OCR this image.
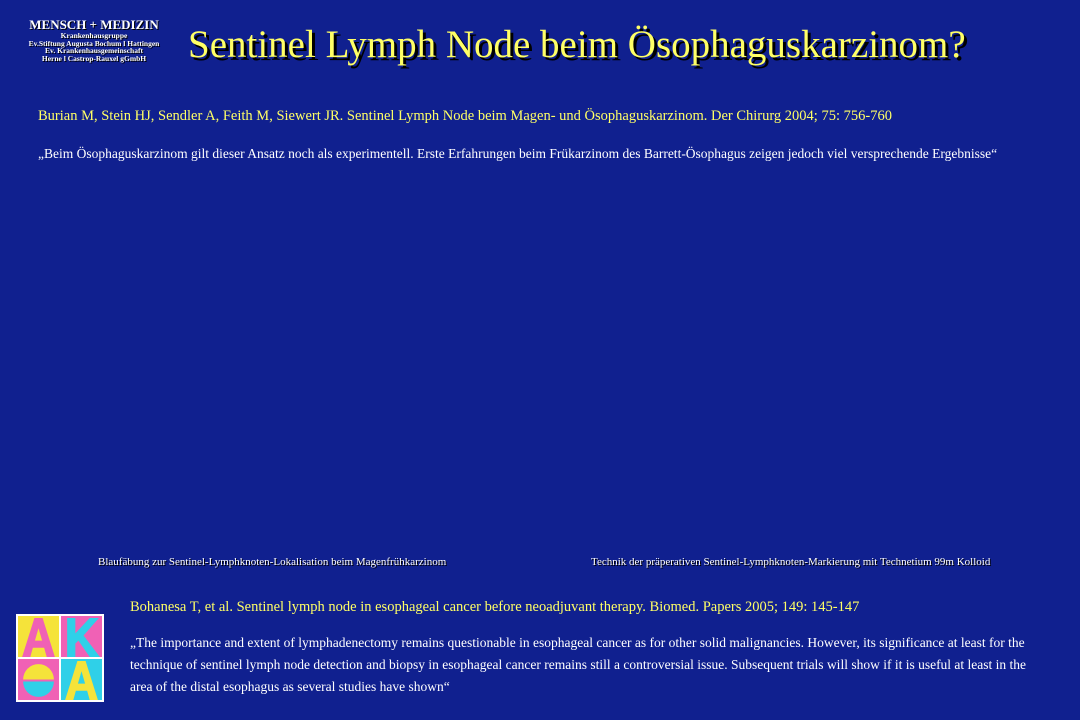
MENSCH + MEDIZIN
Krankenhausgruppe
Ev.Stiftung Augusta Bochum l Hattingen
Ev. Krankenhausgemeinschaft
Herne l Castrop-Rauxel gGmbH	Sentinel Lymph Node beim Ösophaguskarzinom?
Burian M, Stein HJ, Sendler A, Feith M, Siewert JR. Sentinel Lymph Node beim Magen- und Ösophaguskarzinom. Der Chirurg 2004; 75: 756-760
„Beim Ösophaguskarzinom gilt dieser Ansatz noch als experimentell. Erste Erfahrungen beim Frükarzinom des Barrett-Ösophagus zeigen jedoch viel versprechende Ergebnisse“
Blaufäbung zur Sentinel-Lymphknoten-Lokalisation beim Magenfrühkarzinom	Technik der präperativen Sentinel-Lymphknoten-Markierung mit Technetium 99m Kolloid
Bohanesa T, et al. Sentinel lymph node in esophageal cancer before neoadjuvant therapy. Biomed. Papers 2005; 149: 145-147
„The importance and extent of lymphadenectomy remains questionable in esophageal cancer as for other solid malignancies. However, its significance at least for the technique of sentinel lymph node detection and biopsy in esophageal cancer remains still a controversial issue. Subsequent trials will show if it is useful at least in the area of the distal esophagus as several studies have shown“
